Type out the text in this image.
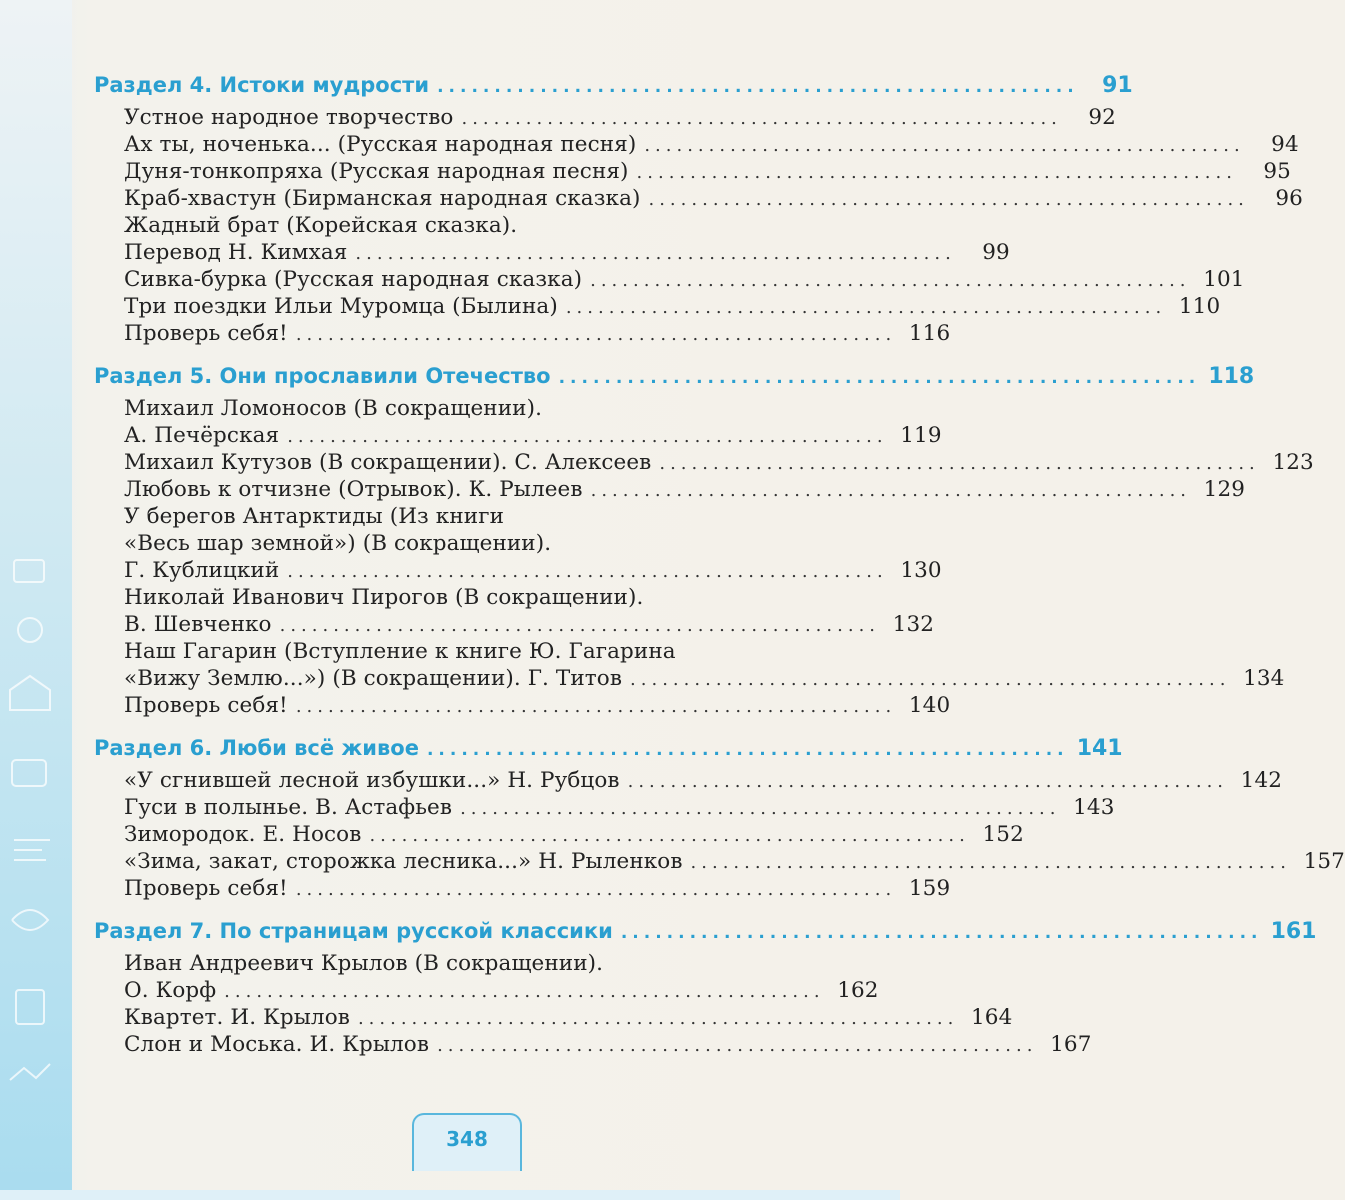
Раздел 4. Истоки мудрости ........................................................	91
Устное народное творчество ........................................................	92
Ах ты, ноченька... (Русская народная песня) ........................................................	94
Дуня-тонкопряха (Русская народная песня) ........................................................	95
Краб-хвастун (Бирманская народная сказка) ........................................................	96
Жадный брат (Корейская сказка).
Перевод Н. Кимхая ........................................................	99
Сивка-бурка (Русская народная сказка) ........................................................ 101
Три поездки Ильи Муромца (Былина) ........................................................ 110
Проверь себя! ........................................................ 116
Раздел 5. Они прославили Отечество ........................................................ 118
Михаил Ломоносов (В сокращении).
А. Печёрская ........................................................ 119
Михаил Кутузов (В сокращении). С. Алексеев ........................................................ 123
Любовь к отчизне (Отрывок). К. Рылеев ........................................................ 129
У берегов Антарктиды (Из книги
«Весь шар земной») (В сокращении).
Г. Кублицкий ........................................................ 130
Николай Иванович Пирогов (В сокращении).
В. Шевченко ........................................................ 132
Наш Гагарин (Вступление к книге Ю. Гагарина
«Вижу Землю...») (В сокращении). Г. Титов ........................................................ 134
Проверь себя! ........................................................ 140
Раздел 6. Люби всё живое ........................................................ 141
«У сгнившей лесной избушки...» Н. Рубцов ........................................................ 142
Гуси в полынье. В. Астафьев ........................................................ 143
Зимородок. Е. Носов ........................................................ 152
«Зима, закат, сторожка лесника...» Н. Рыленков ........................................................ 157
Проверь себя! ........................................................ 159
Раздел 7. По страницам русской классики ........................................................ 161
Иван Андреевич Крылов (В сокращении).
О. Корф ........................................................ 162
Квартет. И. Крылов ........................................................ 164
Слон и Моська. И. Крылов ........................................................ 167
348
